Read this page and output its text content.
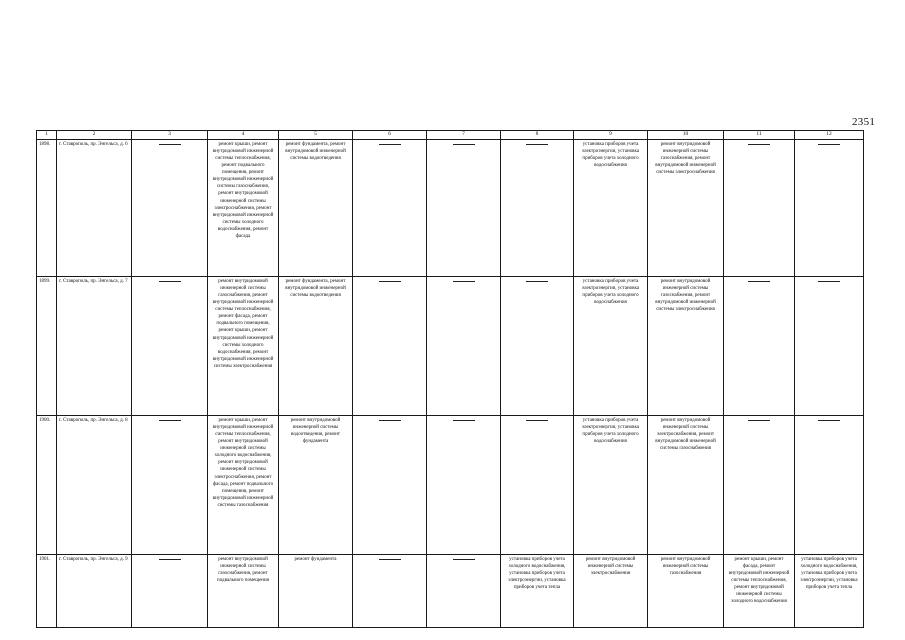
2351
1	2	3	4	5	6	7	8	9	10	11	12
1898.	г. Ставрополь, пр. Энгельса, д. 6		ремонт крыши, ремонт внутридомовой инженерной системы теплоснабжения, ремонт подвального помещения, ремонт внутридомовой инженерной системы газоснабжения, ремонт внутридомовой инженерной системы электроснабжения, ремонт внутридомовой инженерной системы холодного водоснабжения, ремонт фасада	ремонт фундамента, ремонт внутридомовой инженерной системы водоотведения				установка приборов учета электроэнергии, установка приборов учета холодного водоснабжения	ремонт внутридомовой инженерной системы газоснабжения, ремонт внутридомовой инженерной системы электроснабжения		
1899.	г. Ставрополь, пр. Энгельса, д. 7		ремонт внутридомовой инженерной системы газоснабжения, ремонт внутридомовой инженерной системы теплоснабжения, ремонт фасада, ремонт подвального помещения, ремонт крыши, ремонт внутридомовой инженерной системы холодного водоснабжения, ремонт внутридомовой инженерной системы электроснабжения	ремонт фундамента, ремонт внутридомовой инженерной системы водоотведения				установка приборов учета электроэнергии, установка приборов учета холодного водоснабжения	ремонт внутридомовой инженерной системы газоснабжения, ремонт внутридомовой инженерной системы электроснабжения		
1900.	г. Ставрополь, пр. Энгельса, д. 8		ремонт крыши, ремонт внутридомовой инженерной системы теплоснабжения, ремонт внутридомовой инженерной системы холодного водоснабжения, ремонт внутридомовой инженерной системы электроснабжения, ремонт фасада, ремонт подвального помещения, ремонт внутридомовой инженерной системы газоснабжения	ремонт внутридомовой инженерной системы водоотведения, ремонт фундамента				установка приборов учета электроэнергии, установка приборов учета холодного водоснабжения	ремонт внутридомовой инженерной системы электроснабжения, ремонт внутридомовой инженерной системы газоснабжения		
1901.	г. Ставрополь, пр. Энгельса, д. 9		ремонт внутридомовой инженерной системы газоснабжения, ремонт подвального помещения	ремонт фундамента			установка приборов учета холодного водоснабжения, установка приборов учета электроэнергии, установка приборов учета тепла	ремонт внутридомовой инженерной системы электроснабжения	ремонт внутридомовой инженерной системы газоснабжения	ремонт крыши, ремонт фасада, ремонт внутридомовой инженерной системы теплоснабжения, ремонт внутридомовой инженерной системы холодного водоснабжения	установка приборов учета холодного водоснабжения, установка приборов учета электроэнергии, установка приборов учета тепла
